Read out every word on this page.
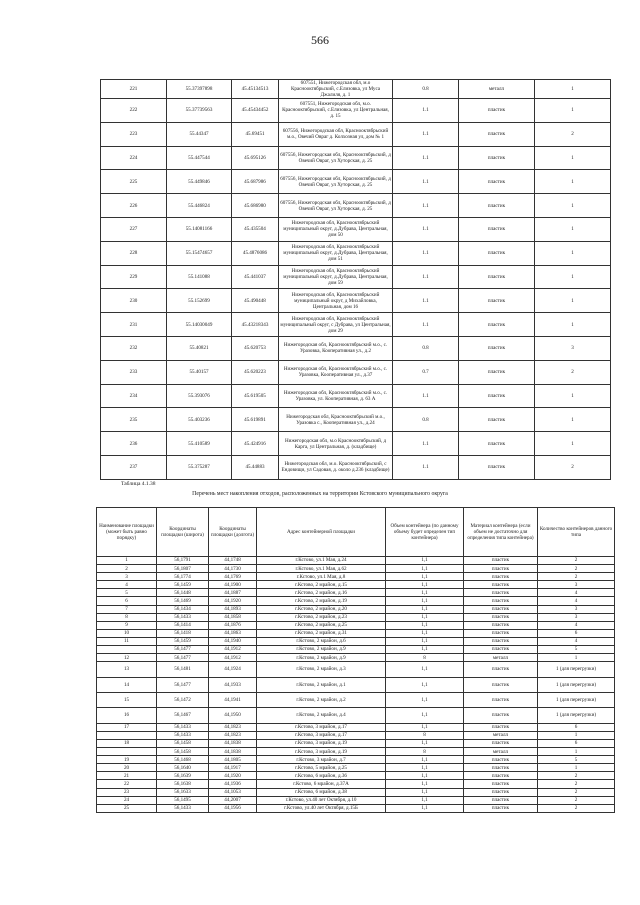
566
221	55.37397898	45.45134513	607551, Нижегородская обл, м.о Краснооктябрьский, с.Елизовка, ул Муса Джалиля, д. 1	0.8	металл	1
222	55.37739563	45.45434452	607551, Нижегородская обл, м.о. Краснооктябрьский, с.Елизовка, ул Центральная, д. 15	1.1	пластик	1
223	55.44347	45.69451	607556, Нижегородская обл, Краснооктябрьский м.о., Овечий Овраг д. Колхозная ул, дом № 1	1.1	пластик	2
224	55.447544	45.695126	607556, Нижегородская обл, Краснооктябрьский, д Овечий Овраг, ул Хуторская, д. 25	1.1	пластик	1
225	55.449846	45.687986	607556, Нижегородская обл, Краснооктябрьский, д Овечий Овраг, ул Хуторская, д. 25	1.1	пластик	1
226	55.446824	45.686980	607556, Нижегородская обл, Краснооктябрьский, д Овечий Овраг, ул Хуторская, д. 25	1.1	пластик	1
227	55.14081166	45.435504	Нижегородская обл, Краснооктябрьский муниципальный округ, д.Дубрава, Центральная, дом 50	1.1	пластик	1
228	55.15474657	45.4876086	Нижегородская обл, Краснооктябрьский муниципальный округ, д.Дубрава, Центральная, дом 51	1.1	пластик	1
229	55.141088	45.441037	Нижегородская обл, Краснооктябрьский муниципальный округ, д.Дубрава, Центральная, дом 59	1.1	пластик	1
230	55.152699	45.490448	Нижегородская обл, Краснооктябрьский муниципальный округ, д Михайловка, Центральная, дом 16	1.1	пластик	1
231	55.14030049	45.43218343	Нижегородская обл, Краснооктябрьский муниципальный округ, с Дубрава, ул Центральная, дом 29	1.1	пластик	1
232	55.40821	45.620753	Нижегородская обл, Краснооктябрьский м.о., с. Уразовка, Кооперативная ул., д.2	0.8	пластик	3
233	55.40157	45.620223	Нижегородская обл, Краснооктябрьский м.о., с. Уразовка, Кооперативная ул., д.37	0.7	пластик	2
234	55.393076	45.619505	Нижегородская обл, Краснооктябрьский м.о., с. Уразовка, ул. Кооперативная, д. 63 А	1.1	пластик	1
235	55.403236	45.619891	Нижегородская обл, Краснооктябрьский м.о., Уразовка с., Кооперативная ул., д.24	0.8	пластик	1
236	55.410589	45.424916	Нижегородская обл, м.о Краснооктябрьский, д Карга, ул Центральная, д. (кладбище)	1.1	пластик	1
237	55.375287	45.44883	Нижегородская обл, м.о. Краснооктябрьский, с Ендовищи, ул Садовая, д. около д.236 (кладбище)	1.1	пластик	2
Таблица 4.1.38
Перечень мест накопления отходов, расположенных на территории Кстовского муниципального округа
Наименование площадки (может быть равно порядку)	Координаты площадки (широта)	Координаты площадки (долгота)	Адрес контейнерной площадки	Объем контейнера (по данному объему будет определен тип контейнера)	Материал контейнера (если объем не достаточно для определения типа контейнера)	Количество контейнеров данного типа
1	56,1791	44,1748	г.Кстово, ул.1 Мая, д.24	1,1	пластик	2
2	56,1807	44,1730	г.Кстово, ул.1 Мая, д.62	1,1	пластик	2
3	56,1774	44,1769	г.Кстово, ул.1 Мая, д.8	1,1	пластик	2
4	56,1459	44,1900	г.Кстово, 2 мрайон, д.15	1,1	пластик	3
5	56,1448	44,1887	г.Кстово, 2 мрайон, д.16	1,1	пластик	4
6	56,1469	44,1920	г.Кстово, 2 мрайон, д.19	1,1	пластик	4
7	56,1434	44,1893	г.Кстово, 2 мрайон, д.20	1,1	пластик	3
8	56,1433	44,1858	г.Кстово, 2 мрайон, д.23	1,1	пластик	3
9	56,1414	44,1876	г.Кстово, 2 мрайон, д.25	1,1	пластик	4
10	56,1418	44,1863	г.Кстово, 2 мрайон, д.31	1,1	пластик	6
11	56,1459	44,1940	г.Кстово, 2 мрайон, д.6	1,1	пластик	4
	56,1477	44,1912	г.Кстово, 2 мрайон, д.9	1,1	пластик	5
12	56,1477	44,1912	г.Кстово, 2 мрайон, д.9	8	металл	1
13	56,1481	44,1924	г.Кстово, 2 мрайон, д.3	1,1	пластик	1 (для перегрузки)
14	56,1477	44,1933	г.Кстово, 2 мрайон, д.1	1,1	пластик	1 (для перегрузки)
15	56,1472	44,1941	г.Кстово, 2 мрайон, д.2	1,1	пластик	1 (для перегрузки)
16	56,1467	44,1950	г.Кстово, 2 мрайон, д.4	1,1	пластик	1 (для перегрузки)
17	56,1433	44,1823	г.Кстово, 3 мрайон, д.17	1,1	пластик	6
	56,1433	44,1823	г.Кстово, 3 мрайон, д.17	8	металл	1
18	56,1458	44,1838	г.Кстово, 3 мрайон, д.19	1,1	пластик	6
	56,1458	44,1838	г.Кстово, 3 мрайон, д.19	8	металл	1
19	56,1468	44,1805	г.Кстово, 3 мрайон, д.7	1,1	пластик	5
20	56,1640	44,1917	г.Кстово, 5 мрайон, д.25	1,1	пластик	1
21	56,1639	44,1920	г.Кстово, 6 мрайон, д.36	1,1	пластик	2
22	56,1638	44,1936	г.Кстово, 6 мрайон, д.37А	1,1	пластик	2
23	56,1633	44,1053	г.Кстово, 6 мрайон, д.38	1,1	пластик	2
24	56,1495	44,2007	г.Кстово, ул.40 лет Октября, д.10	1,1	пластик	2
25	56,1433	44,1956	г.Кстово, ул.40 лет Октября, д.15Б	1,1	пластик	2
